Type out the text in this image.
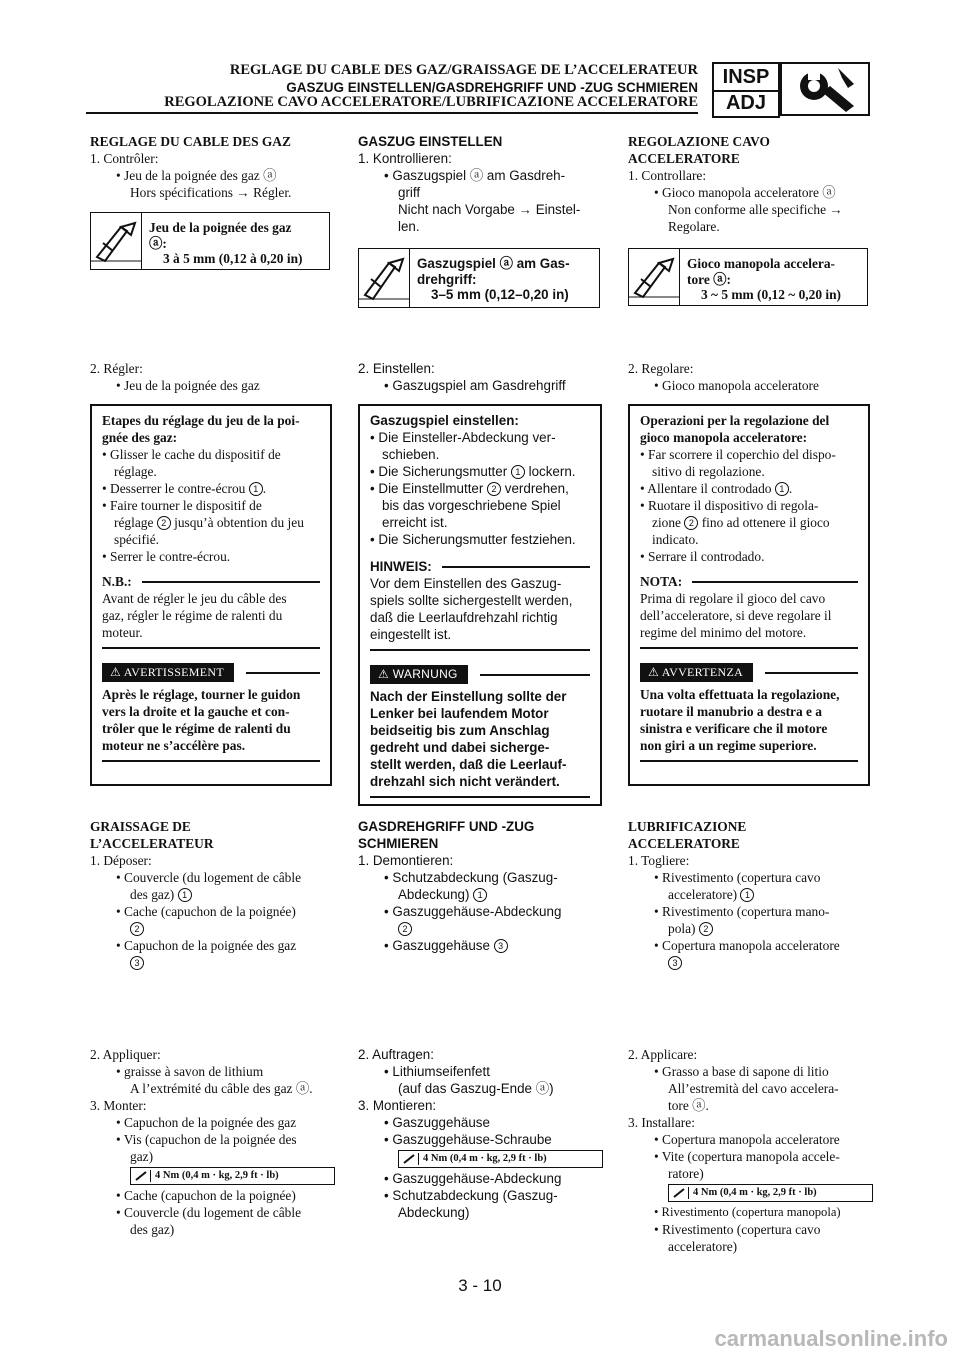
REGLAGE DU CABLE DES GAZ/GRAISSAGE DE L’ACCELERATEUR
GASZUG EINSTELLEN/GASDREHGRIFF UND -ZUG SCHMIEREN
REGOLAZIONE CAVO ACCELERATORE/LUBRIFICAZIONE ACCELERATORE
INSP
ADJ
REGLAGE DU CABLE DES GAZ
1. Contrôler:
• Jeu de la poignée des gaz ⓐ
Hors spécifications → Régler.
Jeu de la poignée des gaz
ⓐ:
3 à 5 mm (0,12 à 0,20 in)
2. Régler:
• Jeu de la poignée des gaz
Etapes du réglage du jeu de la poi-
gnée des gaz:
• Glisser le cache du dispositif de
réglage.
• Desserrer le contre-écrou 1 .
• Faire tourner le dispositif de
réglage 2 jusqu’à obtention du jeu
spécifié.
• Serrer le contre-écrou.
N.B.:
Avant de régler le jeu du câble des
gaz, régler le régime de ralenti du
moteur.
⚠ AVERTISSEMENT
Après le réglage, tourner le guidon
vers la droite et la gauche et con-
trôler que le régime de ralenti du
moteur ne s’accélère pas.
GRAISSAGE DE
L’ACCELERATEUR
1. Déposer:
• Couvercle (du logement de câble
des gaz) 1
• Cache (capuchon de la poignée)
2
• Capuchon de la poignée des gaz
3
2. Appliquer:
• graisse à savon de lithium
A l’extrémité du câble des gaz ⓐ.
3. Monter:
• Capuchon de la poignée des gaz
• Vis (capuchon de la poignée des
gaz)
4 Nm (0,4 m · kg, 2,9 ft · lb)
• Cache (capuchon de la poignée)
• Couvercle (du logement de câble
des gaz)
GASZUG EINSTELLEN
1. Kontrollieren:
• Gaszugspiel ⓐ am Gasdreh-
griff
Nicht nach Vorgabe → Einstel-
len.
Gaszugspiel ⓐ am Gas-
drehgriff:
3–5 mm (0,12–0,20 in)
2. Einstellen:
• Gaszugspiel am Gasdrehgriff
Gaszugspiel einstellen:
• Die Einsteller-Abdeckung ver-
schieben.
• Die Sicherungsmutter 1 lockern.
• Die Einstellmutter 2 verdrehen,
bis das vorgeschriebene Spiel
erreicht ist.
• Die Sicherungsmutter festziehen.
HINWEIS:
Vor dem Einstellen des Gaszug-
spiels sollte sichergestellt werden,
daß die Leerlaufdrehzahl richtig
eingestellt ist.
⚠ WARNUNG
Nach der Einstellung sollte der
Lenker bei laufendem Motor
beidseitig bis zum Anschlag
gedreht und dabei sicherge-
stellt werden, daß die Leerlauf-
drehzahl sich nicht verändert.
GASDREHGRIFF UND -ZUG
SCHMIEREN
1. Demontieren:
• Schutzabdeckung (Gaszug-
Abdeckung) 1
• Gaszuggehäuse-Abdeckung
2
• Gaszuggehäuse 3
2. Auftragen:
• Lithiumseifenfett
(auf das Gaszug-Ende ⓐ)
3. Montieren:
• Gaszuggehäuse
• Gaszuggehäuse-Schraube
4 Nm (0,4 m · kg, 2,9 ft · lb)
• Gaszuggehäuse-Abdeckung
• Schutzabdeckung (Gaszug-
Abdeckung)
REGOLAZIONE CAVO
ACCELERATORE
1. Controllare:
• Gioco manopola acceleratore ⓐ
Non conforme alle specifiche →
Regolare.
Gioco manopola accelera-
tore ⓐ:
3 ~ 5 mm (0,12 ~ 0,20 in)
2. Regolare:
• Gioco manopola acceleratore
Operazioni per la regolazione del
gioco manopola acceleratore:
• Far scorrere il coperchio del dispo-
sitivo di regolazione.
• Allentare il controdado 1 .
• Ruotare il dispositivo di regola-
zione 2 fino ad ottenere il gioco
indicato.
• Serrare il controdado.
NOTA:
Prima di regolare il gioco del cavo
dell’acceleratore, si deve regolare il
regime del minimo del motore.
⚠ AVVERTENZA
Una volta effettuata la regolazione,
ruotare il manubrio a destra e a
sinistra e verificare che il motore
non giri a un regime superiore.
LUBRIFICAZIONE
ACCELERATORE
1. Togliere:
• Rivestimento (copertura cavo
acceleratore) 1
• Rivestimento (copertura mano-
pola) 2
• Copertura manopola acceleratore
3
2. Applicare:
• Grasso a base di sapone di litio
All’estremità del cavo accelera-
tore ⓐ.
3. Installare:
• Copertura manopola acceleratore
• Vite (copertura manopola accele-
ratore)
4 Nm (0,4 m · kg, 2,9 ft · lb)
• Rivestimento (copertura manopola)
• Rivestimento (copertura cavo
acceleratore)
3 - 10
carmanualsonline.info
